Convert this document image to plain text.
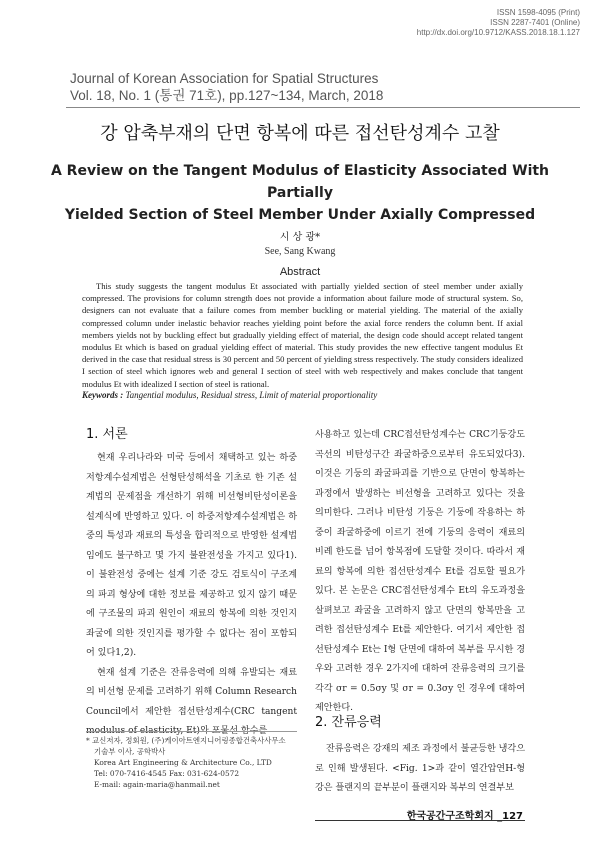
ISSN 1598-4095 (Print)
ISSN 2287-7401 (Online)
http://dx.doi.org/10.9712/KASS.2018.18.1.127
Journal of Korean Association for Spatial Structures
Vol. 18, No. 1 (통권 71호), pp.127~134, March, 2018
강 압축부재의 단면 항복에 따른 접선탄성계수 고찰
A Review on the Tangent Modulus of Elasticity Associated With Partially
Yielded Section of Steel Member Under Axially Compressed
시 상 광*
See, Sang Kwang
Abstract
This study suggests the tangent modulus Et associated with partially yielded section of steel member under axially compressed. The provisions for column strength does not provide a information about failure mode of structural system. So, designers can not evaluate that a failure comes from member buckling or material yielding. The material of the axially compressed column under inelastic behavior reaches yielding point before the axial force renders the column bent. If axial members yields not by buckling effect but gradually yielding effect of material, the design code should accept related tangent modulus Et which is based on gradual yielding effect of material. This study provides the new effective tangent modulus Et derived in the case that residual stress is 30 percent and 50 percent of yielding stress respectively. The study considers idealized I section of steel which ignores web and general I section of steel with web respectively and makes conclude that tangent modulus Et with idealized I section of steel is rational.
Keywords : Tangential modulus, Residual stress, Limit of material proportionality
1. 서론

현재 우리나라와 미국 등에서 채택하고 있는 하중저항계수설계법은 선형탄성해석을 기초로 한 기존 설계법의 문제점을 개선하기 위해 비선형비탄성이론을 설계식에 반영하고 있다. 이 하중저항계수설계법은 하중의 특성과 재료의 특성을 합리적으로 반영한 설계법임에도 불구하고 몇 가지 불완전성을 가지고 있다1). 이 불완전성 중에는 설계 기준 강도 검토식이 구조계의 파괴 형상에 대한 정보를 제공하고 있지 않기 때문에 구조물의 파괴 원인이 재료의 항복에 의한 것인지 좌굴에 의한 것인지를 평가할 수 없다는 점이 포함되어 있다1,2).

현재 설계 기준은 잔류응력에 의해 유발되는 재료의 비선형 문제를 고려하기 위해 Column Research Council에서 제안한 접선탄성계수(CRC tangent modulus of elasticity, Et)와 포물선 함수를

사용하고 있는데 CRC접선탄성계수는 CRC기둥강도곡선의 비탄성구간 좌굴하중으로부터 유도되었다3). 이것은 기둥의 좌굴파괴를 기반으로 단면이 항복하는 과정에서 발생하는 비선형을 고려하고 있다는 것을 의미한다. 그러나 비탄성 기둥은 기둥에 작용하는 하중이 좌굴하중에 이르기 전에 기둥의 응력이 재료의 비례 한도를 넘어 항복점에 도달할 것이다. 따라서 재료의 항복에 의한 접선탄성계수 Et를 검토할 필요가 있다. 본 논문은 CRC접선탄성계수 Et의 유도과정을 살펴보고 좌굴을 고려하지 않고 단면의 항복만을 고려한 접선탄성계수 Et를 제안한다. 여기서 제안한 접선탄성계수 Et는 I형 단면에 대하여 복부를 무시한 경우와 고려한 경우 2가지에 대하여 잔류응력의 크기를 각각 σr = 0.5σy 및 σr = 0.3σy 인 경우에 대하여 제안한다.

2. 잔류응력

잔류응력은 강재의 제조 과정에서 불균등한 냉각으로 인해 발생된다. <Fig. 1>과 같이 열간압연H-형강은 플랜지의 끝부분이 플랜지와 복부의 연결부보

* 교신저자, 정회원, (주)케이아트엔지니어링종합건축사사무소
기술부 이사, 공학박사
Korea Art Engineering & Architecture Co., LTD
Tel: 070-7416-4545 Fax: 031-624-0572
E-mail: again-maria@hanmail.net
한국공간구조학회지 _127
